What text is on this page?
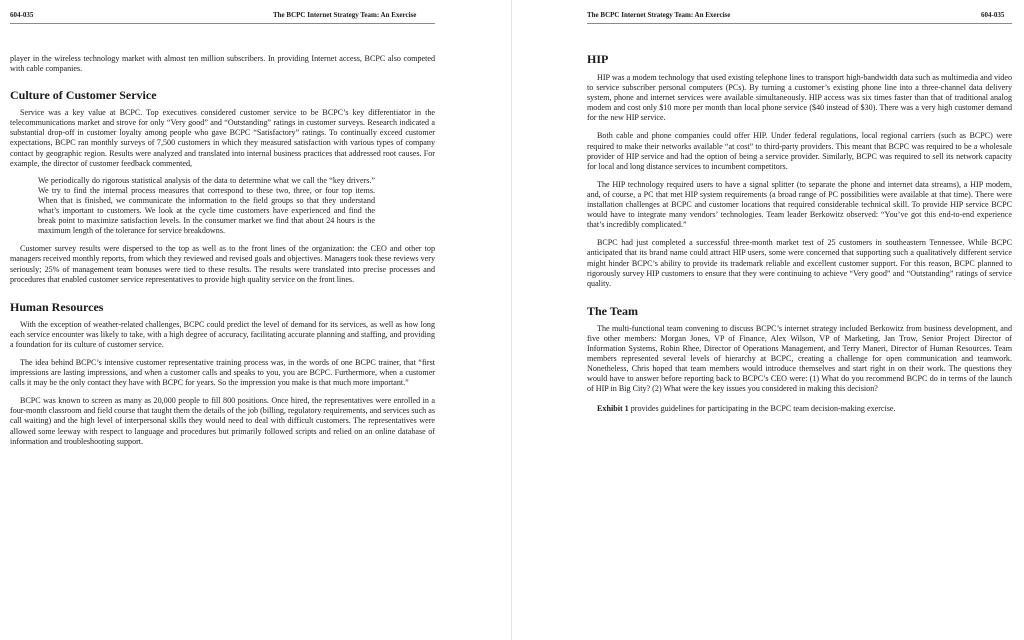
604-035	The BCPC Internet Strategy Team: An Exercise

player in the wireless technology market with almost ten million subscribers. In providing Internet access, BCPC also competed with cable companies.

Culture of Customer Service

Service was a key value at BCPC. Top executives considered customer service to be BCPC’s key differentiator in the telecommunications market and strove for only “Very good” and “Outstanding” ratings in customer surveys. Research indicated a substantial drop-off in customer loyalty among people who gave BCPC “Satisfactory” ratings. To continually exceed customer expectations, BCPC ran monthly surveys of 7,500 customers in which they measured satisfaction with various types of company contact by geographic region. Results were analyzed and translated into internal business practices that addressed root causes. For example, the director of customer feedback commented,

We periodically do rigorous statistical analysis of the data to determine what we call the “key drivers.” We try to find the internal process measures that correspond to these two, three, or four top items. When that is finished, we communicate the information to the field groups so that they understand what’s important to customers. We look at the cycle time customers have experienced and find the break point to maximize satisfaction levels. In the consumer market we find that about 24 hours is the maximum length of the tolerance for service breakdowns.

Customer survey results were dispersed to the top as well as to the front lines of the organization: the CEO and other top managers received monthly reports, from which they reviewed and revised goals and objectives. Managers took these reviews very seriously; 25% of management team bonuses were tied to these results. The results were translated into precise processes and procedures that enabled customer service representatives to provide high quality service on the front lines.

Human Resources

With the exception of weather-related challenges, BCPC could predict the level of demand for its services, as well as how long each service encounter was likely to take, with a high degree of accuracy, facilitating accurate planning and staffing, and providing a foundation for its culture of customer service.

The idea behind BCPC’s intensive customer representative training process was, in the words of one BCPC trainer, that “first impressions are lasting impressions, and when a customer calls and speaks to you, you are BCPC. Furthermore, when a customer calls it may be the only contact they have with BCPC for years. So the impression you make is that much more important.”

BCPC was known to screen as many as 20,000 people to fill 800 positions. Once hired, the representatives were enrolled in a four-month classroom and field course that taught them the details of the job (billing, regulatory requirements, and services such as call waiting) and the high level of interpersonal skills they would need to deal with difficult customers. The representatives were allowed some leeway with respect to language and procedures but primarily followed scripts and relied on an online database of information and troubleshooting support.

The BCPC Internet Strategy Team: An Exercise	604-035
HIP

HIP was a modem technology that used existing telephone lines to transport high-bandwidth data such as multimedia and video to service subscriber personal computers (PCs). By turning a customer’s existing phone line into a three-channel data delivery system, phone and internet services were available simultaneously. HIP access was six times faster than that of traditional analog modem and cost only $10 more per month than local phone service ($40 instead of $30). There was a very high customer demand for the new HIP service.

Both cable and phone companies could offer HIP. Under federal regulations, local regional carriers (such as BCPC) were required to make their networks available “at cost” to third-party providers. This meant that BCPC was required to be a wholesale provider of HIP service and had the option of being a service provider. Similarly, BCPC was required to sell its network capacity for local and long distance services to incumbent competitors.

The HIP technology required users to have a signal splitter (to separate the phone and internet data streams), a HIP modem, and, of course, a PC that met HIP system requirements (a broad range of PC possibilities were available at that time). There were installation challenges at BCPC and customer locations that required considerable technical skill. To provide HIP service BCPC would have to integrate many vendors’ technologies. Team leader Berkowitz observed: “You’ve got this end-to-end experience that’s incredibly complicated.”

BCPC had just completed a successful three-month market test of 25 customers in southeastern Tennessee. While BCPC anticipated that its brand name could attract HIP users, some were concerned that supporting such a qualitatively different service might hinder BCPC’s ability to provide its trademark reliable and excellent customer support. For this reason, BCPC planned to rigorously survey HIP customers to ensure that they were continuing to achieve “Very good” and “Outstanding” ratings of service quality.

The Team

The multi-functional team convening to discuss BCPC’s internet strategy included Berkowitz from business development, and five other members: Morgan Jones, VP of Finance, Alex Wilson, VP of Marketing, Jan Trow, Senior Project Director of Information Systems, Robin Rhee, Director of Operations Management, and Terry Maneri, Director of Human Resources. Team members represented several levels of hierarchy at BCPC, creating a challenge for open communication and teamwork. Nonetheless, Chris hoped that team members would introduce themselves and start right in on their work. The questions they would have to answer before reporting back to BCPC’s CEO were: (1) What do you recommend BCPC do in terms of the launch of HIP in Big City? (2) What were the key issues you considered in making this decision?

Exhibit 1 provides guidelines for participating in the BCPC team decision-making exercise.
